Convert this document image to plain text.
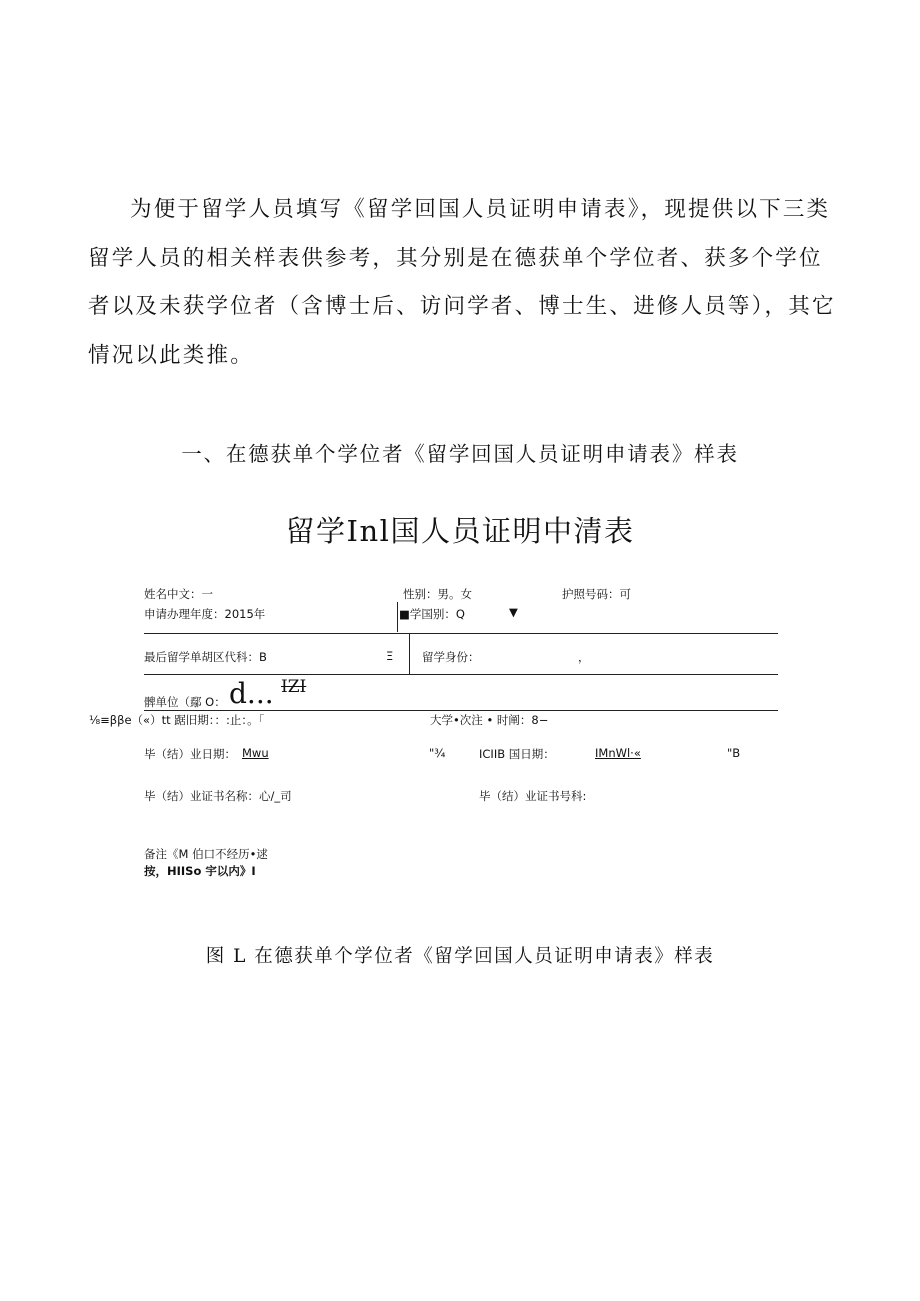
为便于留学人员填写《留学回国人员证明申请表》，现提供以下三类留学人员的相关样表供参考，其分别是在德获单个学位者、获多个学位者以及未获学位者（含博士后、访问学者、博士生、进修人员等），其它情况以此类推。

一、在德获单个学位者《留学回国人员证明申请表》样表
留学Inl国人员证明中清表
姓名中文：一	性别：男。女	护照号码：可
申请办理年度：2015年	■学国别：Q	▼
最后留学单胡区代科：B	Ξ 留学身份：	，
髀单位（鄢 O： d... IZI
⅛≡ββe（«）tt 踞旧期：：:止：。「	大学•次注 • 时阐：8−
毕（结）业日期： Mwu	"¾	ICIIB 国日期：	IMnWl·«	"B
毕（结）业证书名称：心/_司	毕（结）业证书号科:
备注《M 伯口不经历•逑
按，HIISo 宇以内》I
图 L 在德获单个学位者《留学回国人员证明申请表》样表
